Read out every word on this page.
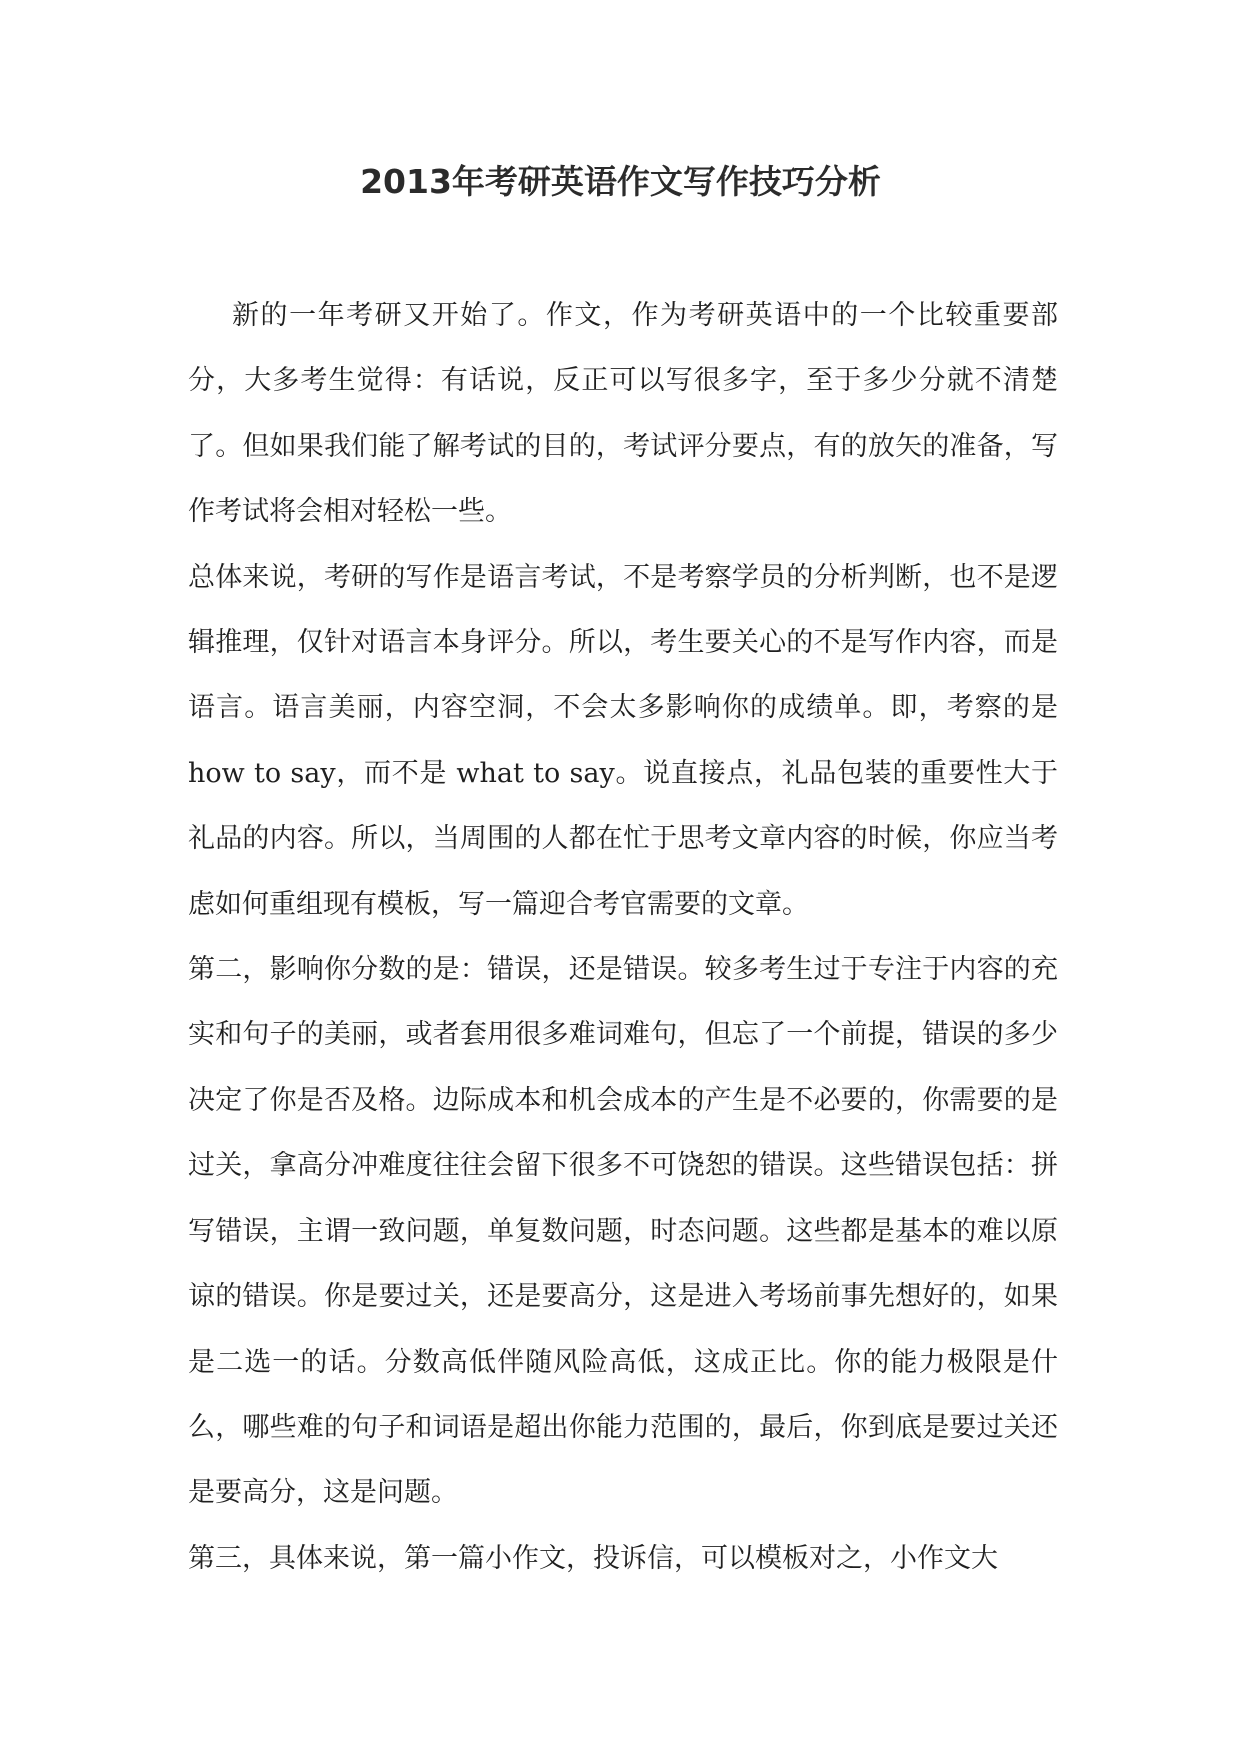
2013年考研英语作文写作技巧分析

新的一年考研又开始了。作文，作为考研英语中的一个比较重要部分，大多考生觉得：有话说，反正可以写很多字，至于多少分就不清楚了。但如果我们能了解考试的目的，考试评分要点，有的放矢的准备，写作考试将会相对轻松一些。

总体来说，考研的写作是语言考试，不是考察学员的分析判断，也不是逻辑推理，仅针对语言本身评分。所以，考生要关心的不是写作内容，而是语言。语言美丽，内容空洞，不会太多影响你的成绩单。即，考察的是 how to say，而不是 what to say。说直接点，礼品包装的重要性大于礼品的内容。所以，当周围的人都在忙于思考文章内容的时候，你应当考虑如何重组现有模板，写一篇迎合考官需要的文章。

第二，影响你分数的是：错误，还是错误。较多考生过于专注于内容的充实和句子的美丽，或者套用很多难词难句，但忘了一个前提，错误的多少决定了你是否及格。边际成本和机会成本的产生是不必要的，你需要的是过关，拿高分冲难度往往会留下很多不可饶恕的错误。这些错误包括：拼写错误，主谓一致问题，单复数问题，时态问题。这些都是基本的难以原谅的错误。你是要过关，还是要高分，这是进入考场前事先想好的，如果是二选一的话。分数高低伴随风险高低，这成正比。你的能力极限是什么，哪些难的句子和词语是超出你能力范围的，最后，你到底是要过关还是要高分，这是问题。

第三，具体来说，第一篇小作文，投诉信，可以模板对之，小作文大
